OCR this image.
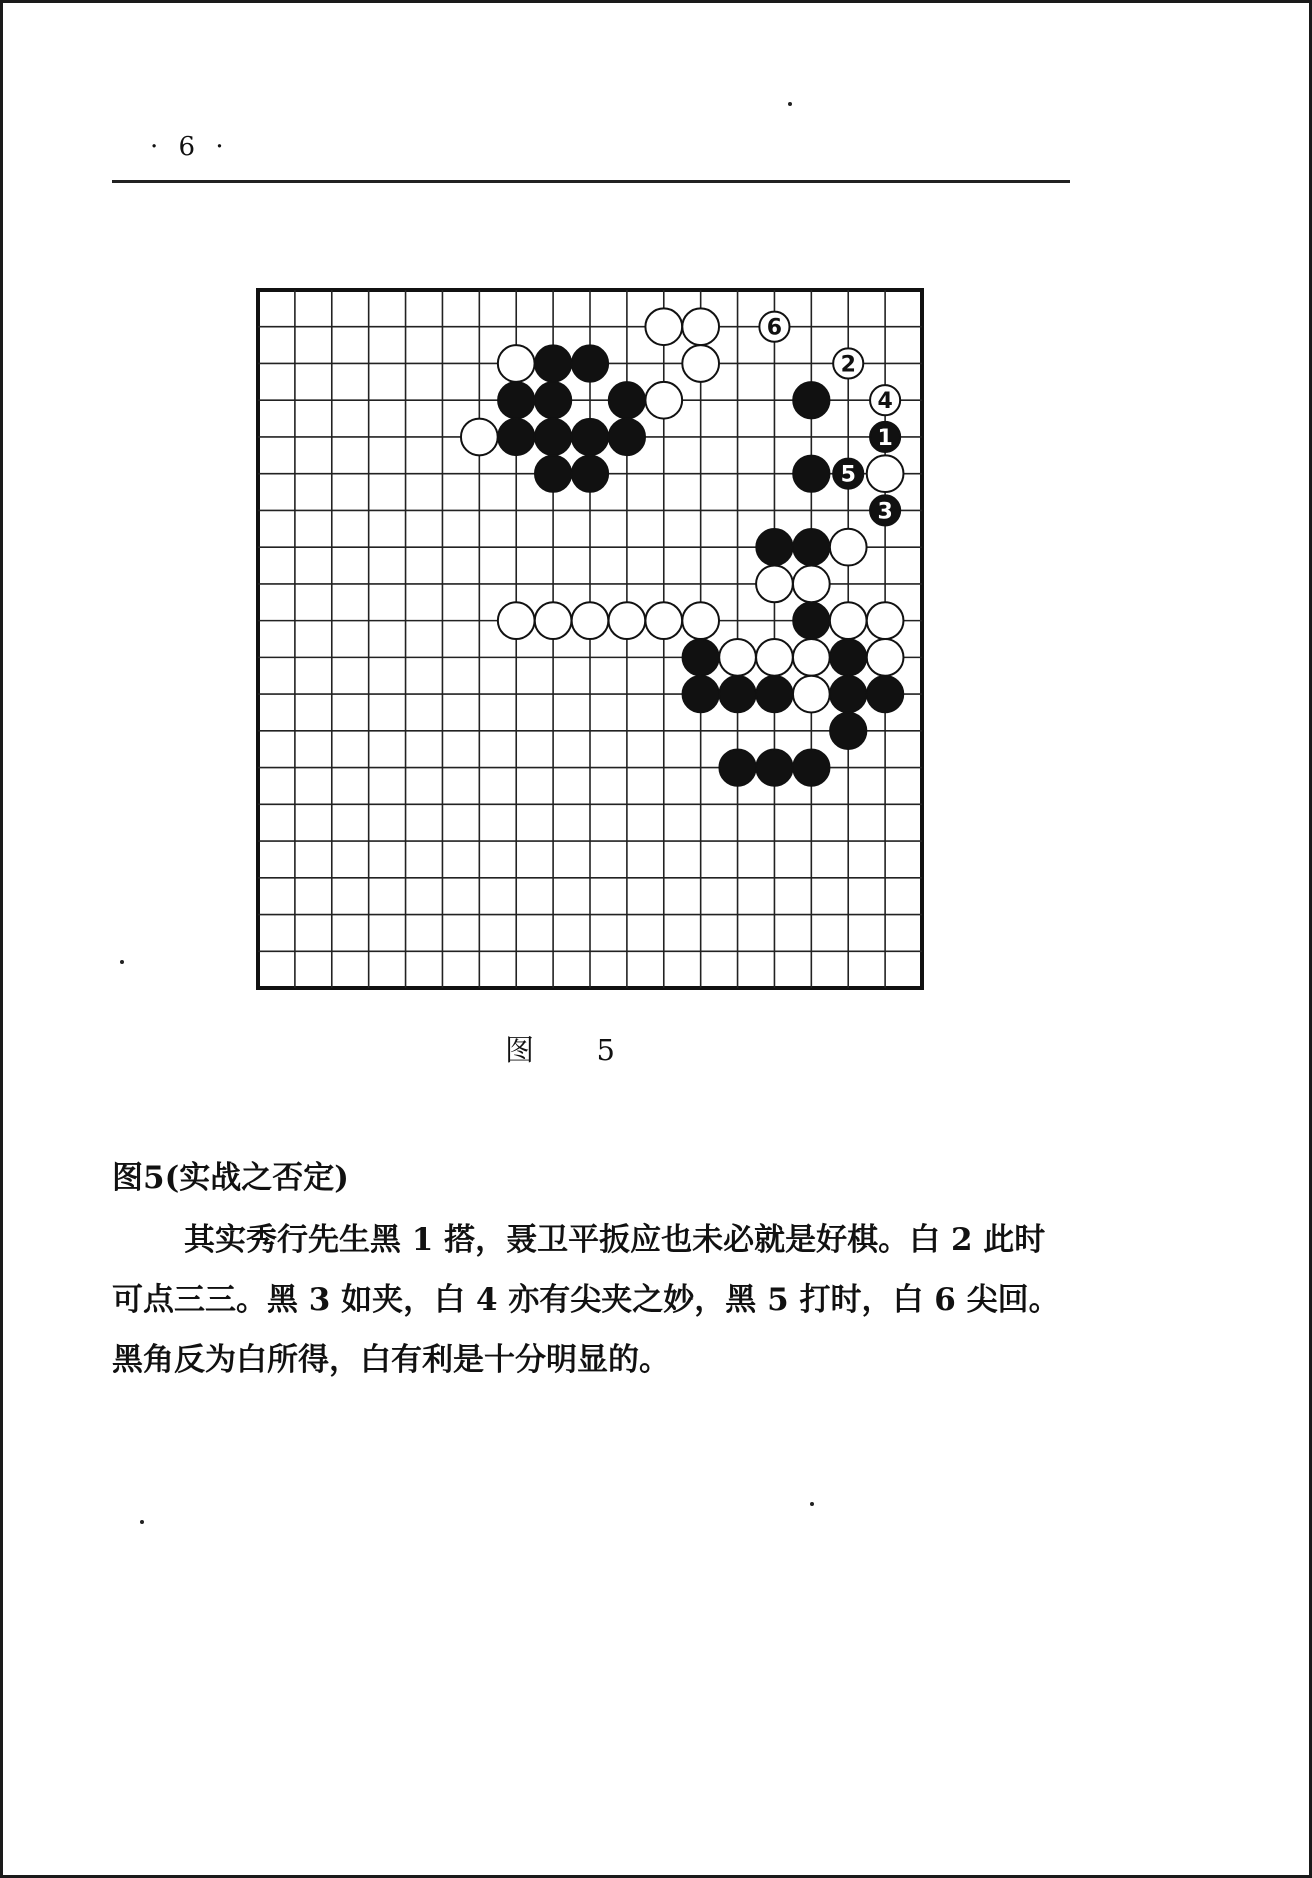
· 6 ·
1
2
3
4
5
6
图 5
图5(实战之否定)
其实秀行先生黑 1 搭，聂卫平扳应也未必就是好棋。白 2 此时可点三三。黑 3 如夹，白 4 亦有尖夹之妙，黑 5 打时，白 6 尖回。黑角反为白所得，白有利是十分明显的。
